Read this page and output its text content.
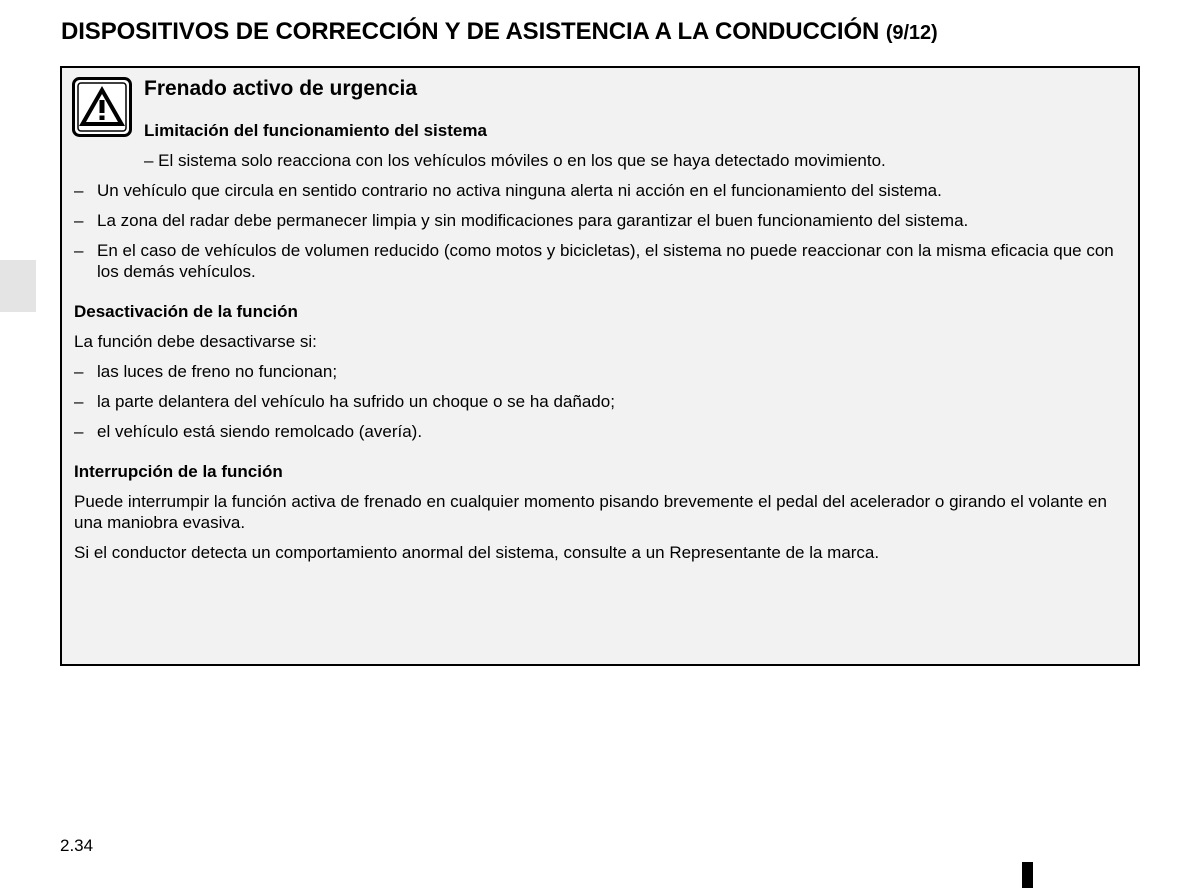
DISPOSITIVOS DE CORRECCIÓN Y DE ASISTENCIA A LA CONDUCCIÓN (9/12)
Frenado activo de urgencia

Limitación del funcionamiento del sistema

– El sistema solo reacciona con los vehículos móviles o en los que se haya detectado movimiento.

– Un vehículo que circula en sentido contrario no activa ninguna alerta ni acción en el funcionamiento del sistema.
– La zona del radar debe permanecer limpia y sin modificaciones para garantizar el buen funcionamiento del sistema.
– En el caso de vehículos de volumen reducido (como motos y bicicletas), el sistema no puede reaccionar con la misma eficacia que con los demás vehículos.

Desactivación de la función

La función debe desactivarse si:

– las luces de freno no funcionan;
– la parte delantera del vehículo ha sufrido un choque o se ha dañado;
– el vehículo está siendo remolcado (avería).

Interrupción de la función

Puede interrumpir la función activa de frenado en cualquier momento pisando brevemente el pedal del acelerador o girando el volante en una maniobra evasiva.

Si el conductor detecta un comportamiento anormal del sistema, consulte a un Representante de la marca.

2.34
